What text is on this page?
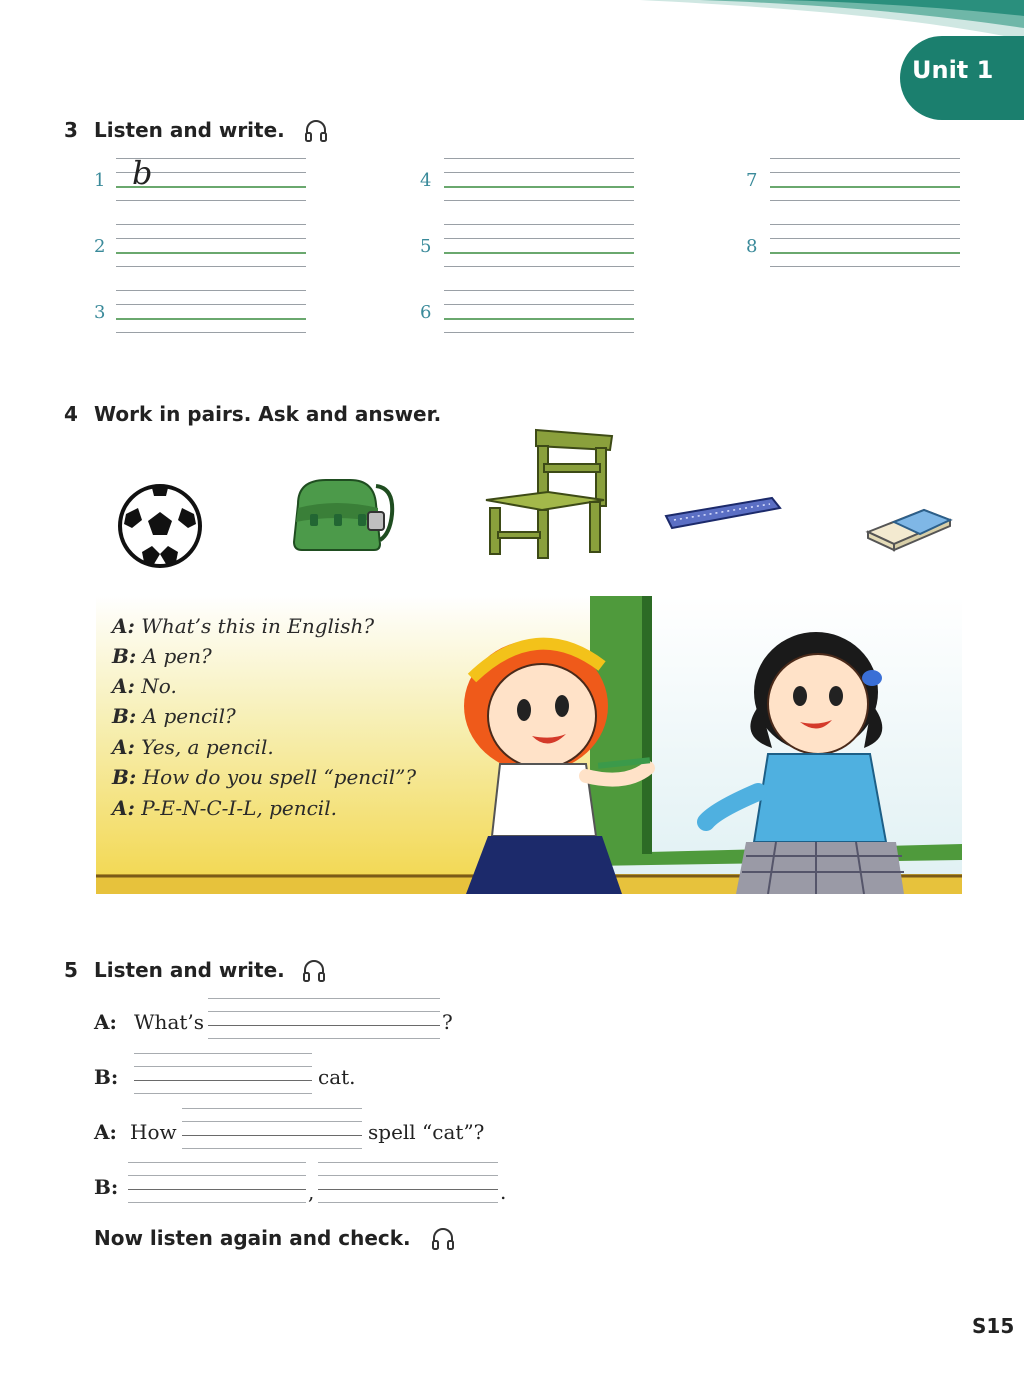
Unit 1
3 Listen and write.
1 b
2
3
4
5
6
7
8
4 Work in pairs. Ask and answer.
A: What’s this in English?
B: A pen?
A: No.
B: A pencil?
A: Yes, a pencil.
B: How do you spell “pencil”?
A: P-E-N-C-I-L, pencil.
5 Listen and write.
A: What’s	?
B:	cat.
A: How	spell “cat”?
B:	,	.
Now listen again and check.
S15
